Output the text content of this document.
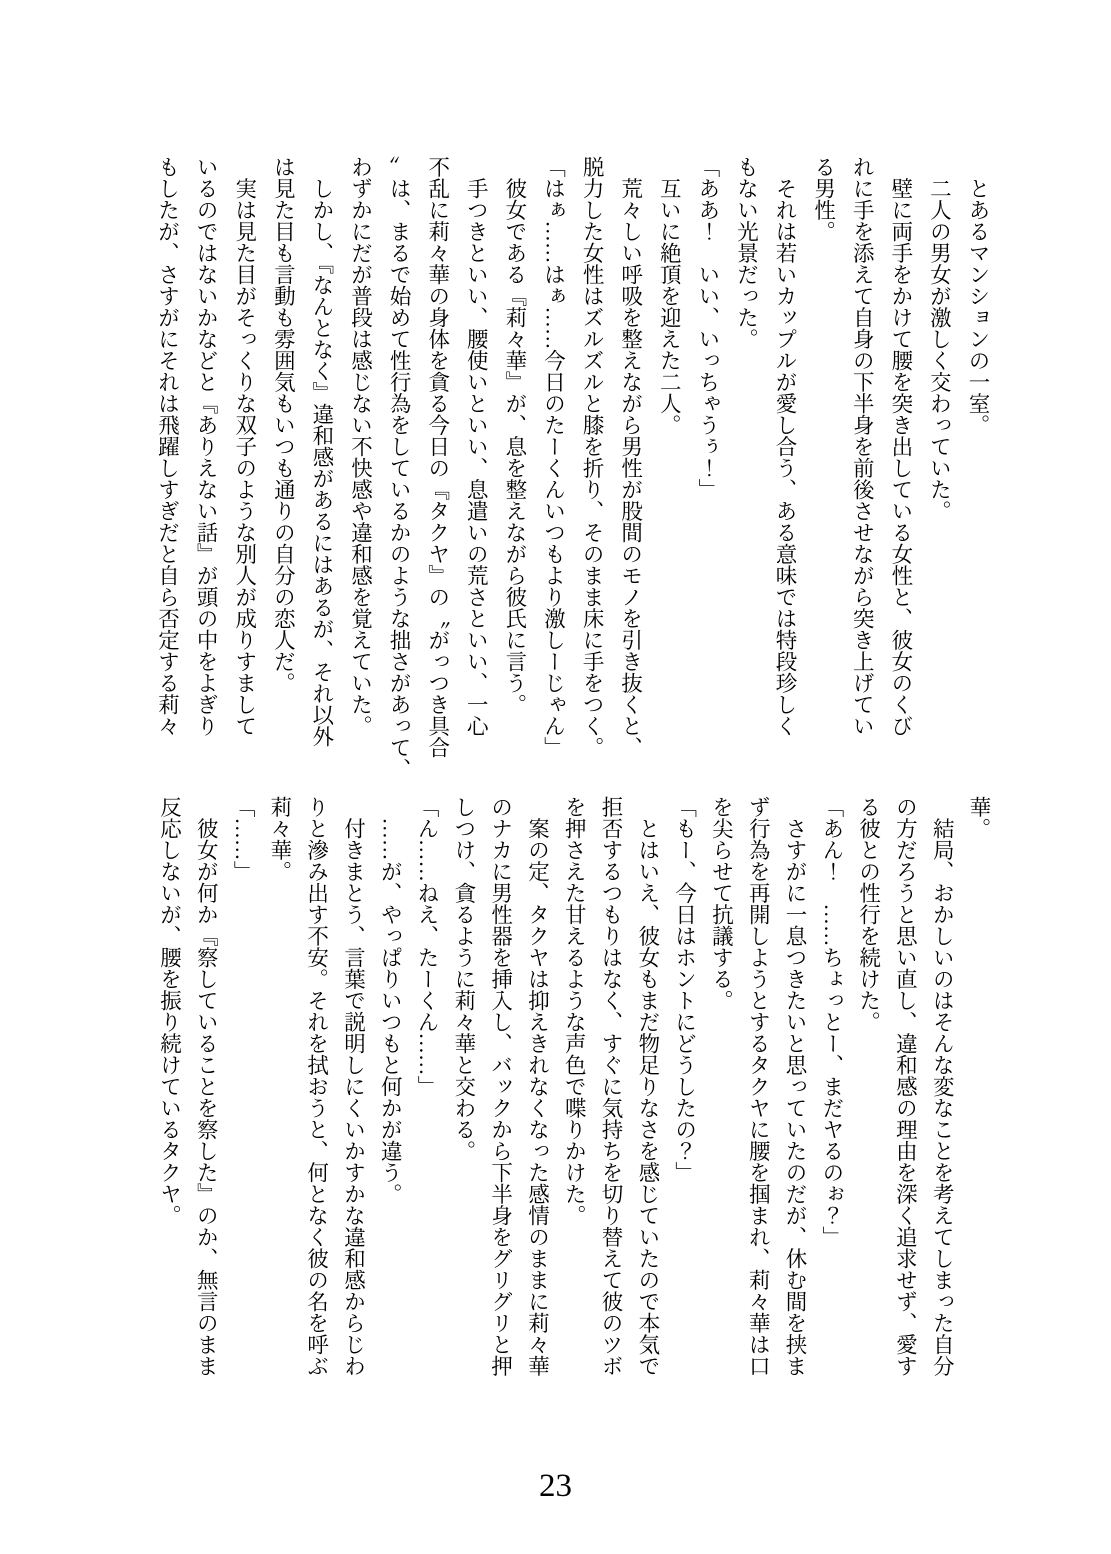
　とあるマンションの一室。
　二人の男女が激しく交わっていた。
　壁に両手をかけて腰を突き出している女性と、彼女のくび
れに手を添えて自身の下半身を前後させながら突き上げてい
る男性。
　それは若いカップルが愛し合う、ある意味では特段珍しく
もない光景だった。
「ああ！　いい、いっちゃうぅ！」
　互いに絶頂を迎えた二人。
　荒々しい呼吸を整えながら男性が股間のモノを引き抜くと、
脱力した女性はズルズルと膝を折り、そのまま床に手をつく。
「はぁ……はぁ……今日のたーくんいつもより激しーじゃん」
　彼女である『莉々華』が、息を整えながら彼氏に言う。
　手つきといい、腰使いといい、息遣いの荒さといい、一心
不乱に莉々華の身体を貪る今日の『タクヤ』の〝がっつき具合
〟は、まるで始めて性行為をしているかのような拙さがあって、
わずかにだが普段は感じない不快感や違和感を覚えていた。
　しかし、『なんとなく』違和感があるにはあるが、それ以外
は見た目も言動も雰囲気もいつも通りの自分の恋人だ。
　実は見た目がそっくりな双子のような別人が成りすまして
いるのではないかなどと『ありえない話』が頭の中をよぎり
もしたが、さすがにそれは飛躍しすぎだと自ら否定する莉々
華。
　結局、おかしいのはそんな変なことを考えてしまった自分
の方だろうと思い直し、違和感の理由を深く追求せず、愛す
る彼との性行を続けた。
「あん！　……ちょっとー、まだヤるのぉ？」
　さすがに一息つきたいと思っていたのだが、休む間を挟ま
ず行為を再開しようとするタクヤに腰を掴まれ、莉々華は口
を尖らせて抗議する。
「もー、今日はホントにどうしたの？」
　とはいえ、彼女もまだ物足りなさを感じていたので本気で
拒否するつもりはなく、すぐに気持ちを切り替えて彼のツボ
を押さえた甘えるような声色で喋りかけた。
　案の定、タクヤは抑えきれなくなった感情のままに莉々華
のナカに男性器を挿入し、バックから下半身をグリグリと押
しつけ、貪るように莉々華と交わる。
「ん……ねえ、たーくん……」
　……が、やっぱりいつもと何かが違う。
　付きまとう、言葉で説明しにくいかすかな違和感からじわ
りと滲み出す不安。それを拭おうと、何となく彼の名を呼ぶ
莉々華。
「……」
　彼女が何か『察していることを察した』のか、無言のまま
反応しないが、腰を振り続けているタクヤ。
23
